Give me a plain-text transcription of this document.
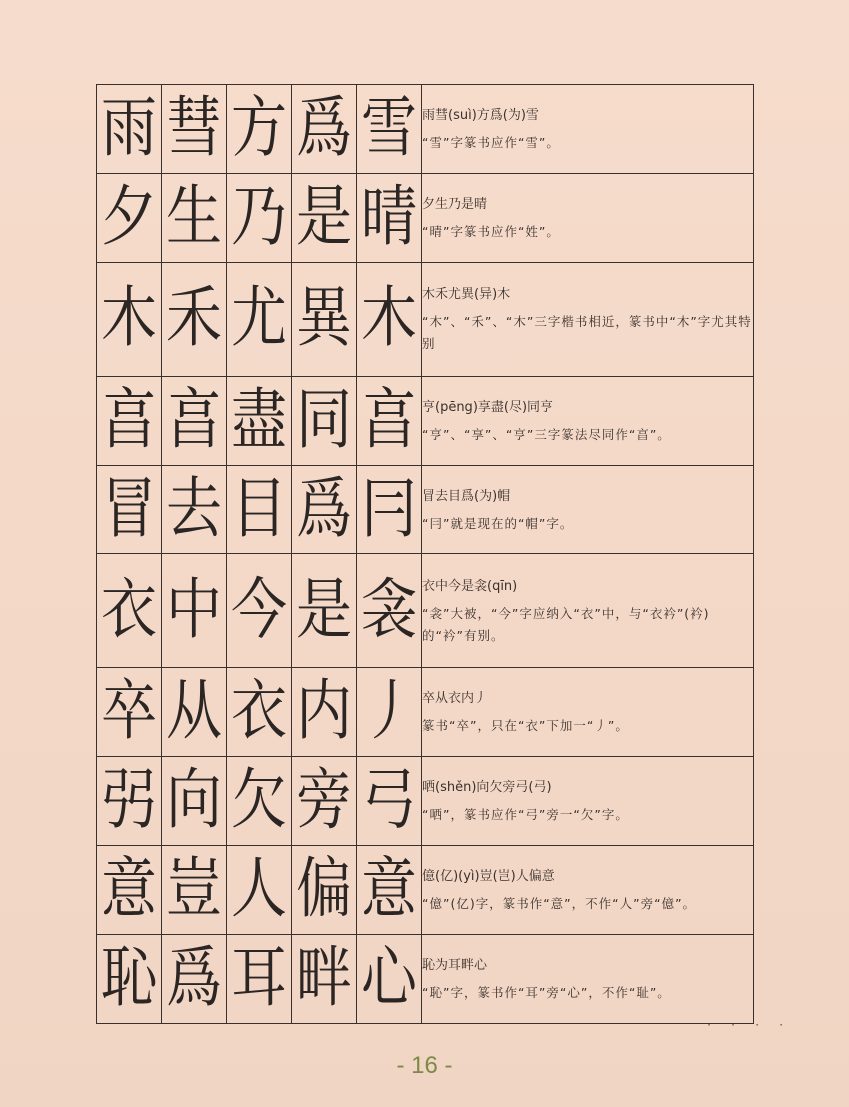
雨	彗	方	爲	雪	雨彗(suì)方爲(为)雪
“雪”字篆书应作“雪”。

夕	生	乃	是	晴	夕生乃是晴
“晴”字篆书应作“姓”。

木	禾	尤	異	木	木禾尤異(异)木
“木”、“禾”、“木”三字楷书相近，篆书中“木”字尤其特别

亯	亯	盡	同	亯	亨(pēng)享盡(尽)同亨
“亨”、“享”、“亨”三字篆法尽同作“亯”。

冒	去	目	爲	冃	冒去目爲(为)帽
“冃”就是现在的“帽”字。

衣	中	今	是	衾	衣中今是衾(qīn)
“衾”大被，“今”字应纳入“衣”中，与“衣衿”(衿)的“衿”有别。

卒	从	衣	内	丿	卒从衣内丿
篆书“卒”，只在“衣”下加一“丿”。

弜	向	欠	旁	弓	哂(shěn)向欠旁弓(弓)
“哂”，篆书应作“弓”旁一“欠”字。

意	豈	人	偏	意	億(亿)(yì)豈(岂)人偏意
“億”(亿)字，篆书作“意”，不作“人”旁“億”。

恥	爲	耳	畔	心	恥为耳畔心
“恥”字，篆书作“耳”旁“心”，不作“耻”。
· · · ·
- 16 -
